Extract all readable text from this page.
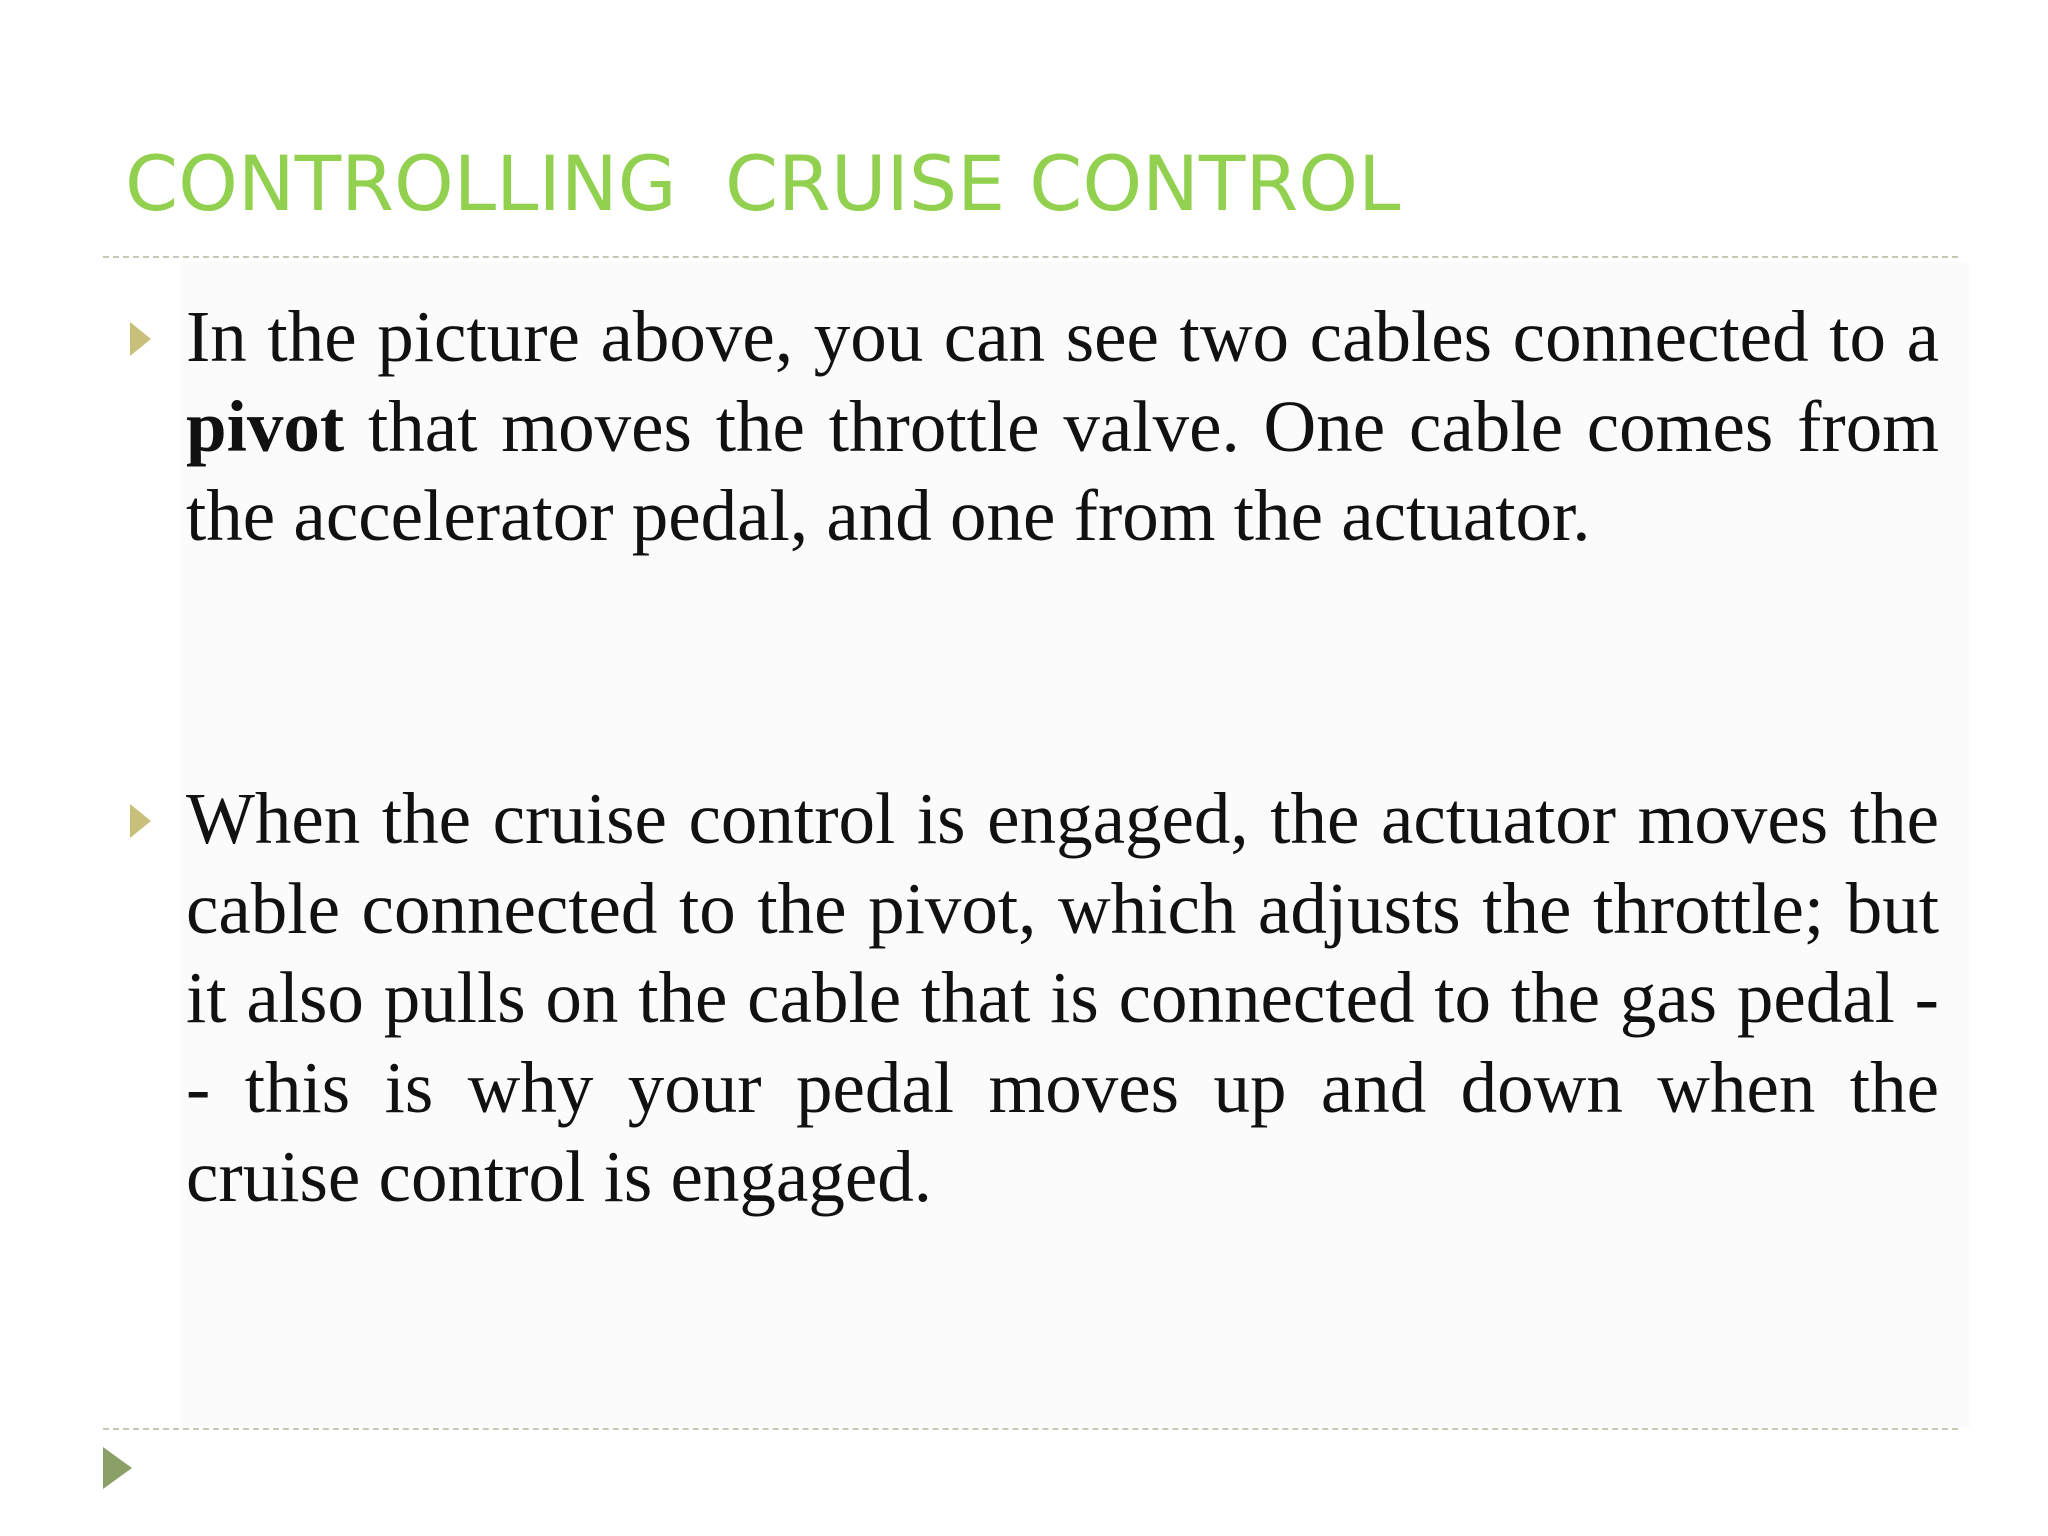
CONTROLLING  CRUISE CONTROL

In the picture above, you can see two cables connected to a pivot that moves the throttle valve. One cable comes from the accelerator pedal, and one from the actuator.

When the cruise control is engaged, the actuator moves the cable connected to the pivot, which adjusts the throttle; but it also pulls on the cable that is connected to the gas pedal -- this is why your pedal moves up and down when the cruise control is engaged.
